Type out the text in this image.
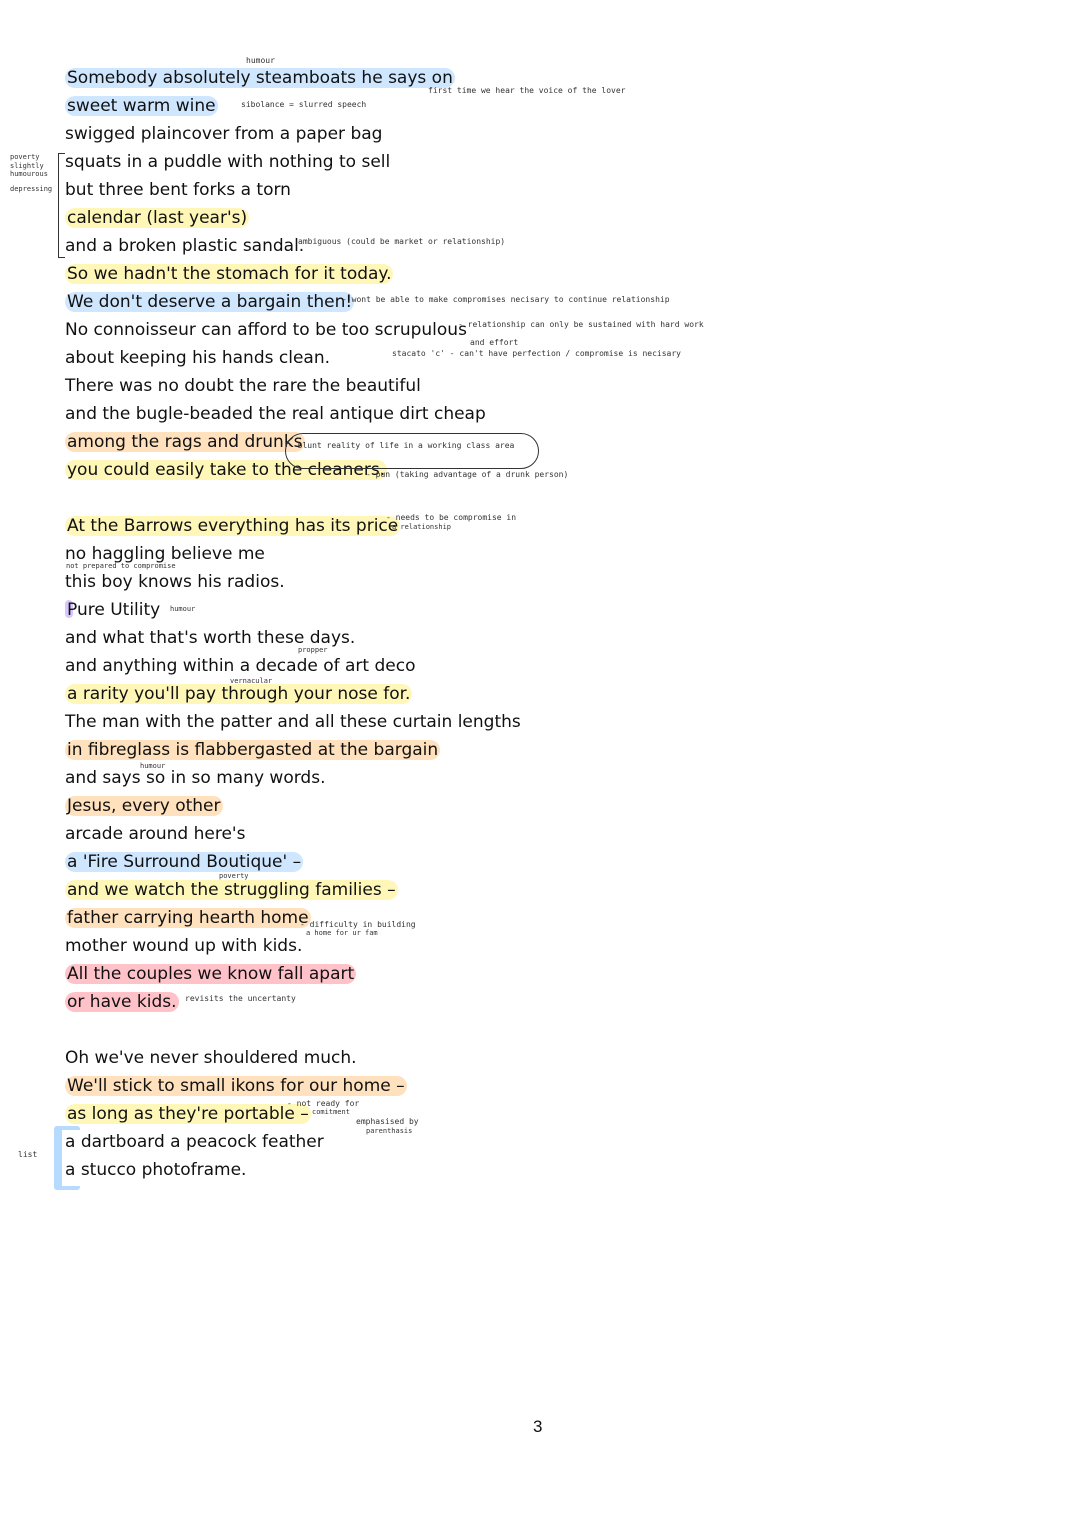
poverty
slightly
humourous
depressing
list
Somebody absolutely steamboats he says on
sweet warm wine
swigged plaincover from a paper bag
squats in a puddle with nothing to sell
but three bent forks a torn
calendar (last year's)
and a broken plastic sandal.
So we hadn't the stomach for it today.
We don't deserve a bargain then!
No connoisseur can afford to be too scrupulous
about keeping his hands clean.
There was no doubt the rare the beautiful
and the bugle-beaded the real antique dirt cheap
among the rags and drunks
you could easily take to the cleaners.
At the Barrows everything has its price
no haggling believe me
this boy knows his radios.
Pure Utility
and what that's worth these days.
and anything within a decade of art deco
a rarity you'll pay through your nose for.
The man with the patter and all these curtain lengths
in fibreglass is flabbergasted at the bargain
and says so in so many words.
Jesus, every other
arcade around here's
a 'Fire Surround Boutique' –
and we watch the struggling families –
father carrying hearth home
mother wound up with kids.
All the couples we know fall apart
or have kids.
Oh we've never shouldered much.
We'll stick to small ikons for our home –
as long as they're portable –
a dartboard a peacock feather
a stucco photoframe.
humour
first time we hear the voice of the lover
sibolance = slurred speech
ambiguous (could be market or relationship)
- wont be able to make compromises necisary to continue relationship
- relationship can only be sustained with hard work
and effort
stacato 'c' - can't have perfection / compromise is necisary
- blunt reality of life in a working class area
- pun (taking advantage of a drunk person)
- needs to be compromise in
a relationship
not prepared to compromise
humour
propper
vernacular
humour
poverty
- difficulty in building
a home for ur fam
revisits the uncertanty
- not ready for
comitment
emphasised by
parenthasis
3
